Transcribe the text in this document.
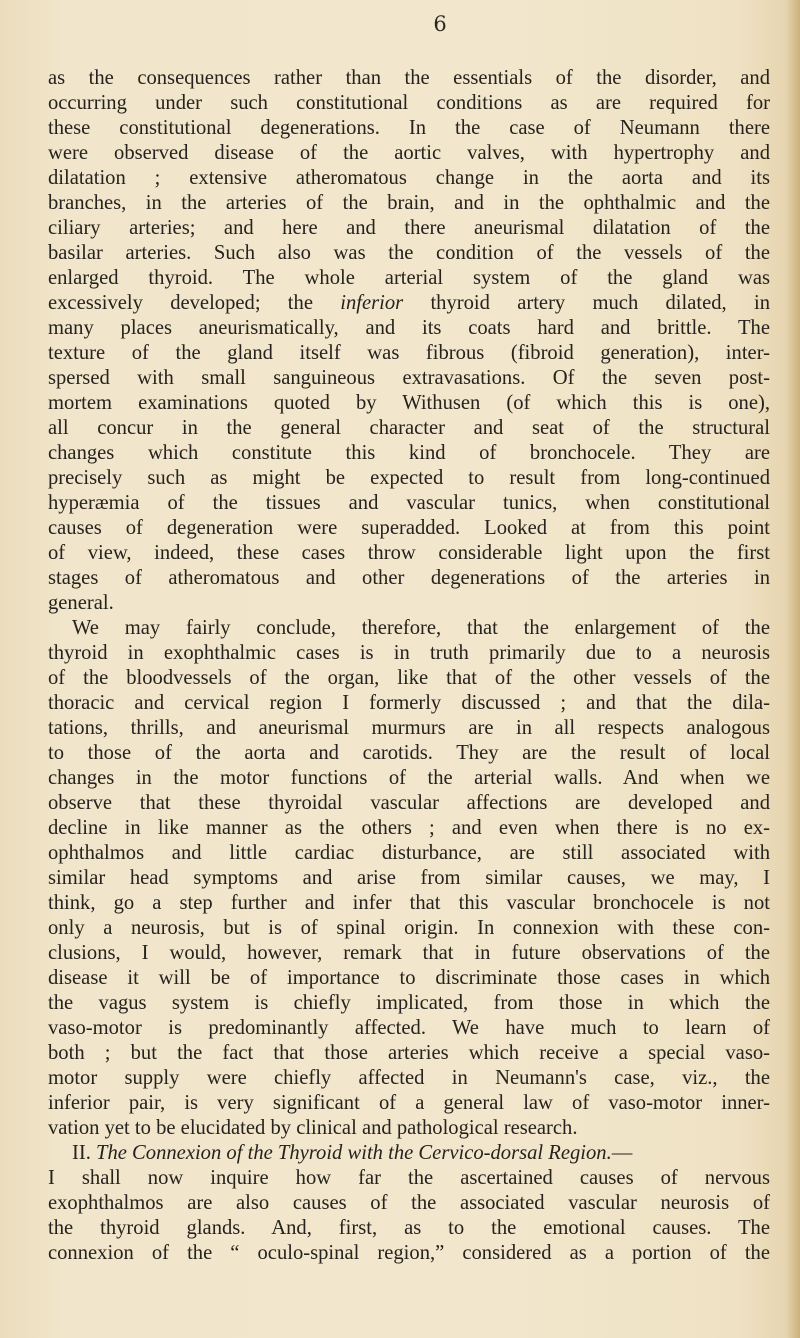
6
as the consequences rather than the essentials of the disorder, and
occurring under such constitutional conditions as are required for
these constitutional degenerations. In the case of Neumann there
were observed disease of the aortic valves, with hypertrophy and
dilatation ; extensive atheromatous change in the aorta and its
branches, in the arteries of the brain, and in the ophthalmic and the
ciliary arteries; and here and there aneurismal dilatation of the
basilar arteries. Such also was the condition of the vessels of the
enlarged thyroid. The whole arterial system of the gland was
excessively developed; the inferior thyroid artery much dilated, in
many places aneurismatically, and its coats hard and brittle. The
texture of the gland itself was fibrous (fibroid generation), inter-
spersed with small sanguineous extravasations. Of the seven post-
mortem examinations quoted by Withusen (of which this is one),
all concur in the general character and seat of the structural
changes which constitute this kind of bronchocele. They are
precisely such as might be expected to result from long-continued
hyperæmia of the tissues and vascular tunics, when constitutional
causes of degeneration were superadded. Looked at from this point
of view, indeed, these cases throw considerable light upon the first
stages of atheromatous and other degenerations of the arteries in
general.
We may fairly conclude, therefore, that the enlargement of the
thyroid in exophthalmic cases is in truth primarily due to a neurosis
of the bloodvessels of the organ, like that of the other vessels of the
thoracic and cervical region I formerly discussed ; and that the dila-
tations, thrills, and aneurismal murmurs are in all respects analogous
to those of the aorta and carotids. They are the result of local
changes in the motor functions of the arterial walls. And when we
observe that these thyroidal vascular affections are developed and
decline in like manner as the others ; and even when there is no ex-
ophthalmos and little cardiac disturbance, are still associated with
similar head symptoms and arise from similar causes, we may, I
think, go a step further and infer that this vascular bronchocele is not
only a neurosis, but is of spinal origin. In connexion with these con-
clusions, I would, however, remark that in future observations of the
disease it will be of importance to discriminate those cases in which
the vagus system is chiefly implicated, from those in which the
vaso-motor is predominantly affected. We have much to learn of
both ; but the fact that those arteries which receive a special vaso-
motor supply were chiefly affected in Neumann's case, viz., the
inferior pair, is very significant of a general law of vaso-motor inner-
vation yet to be elucidated by clinical and pathological research.
II. The Connexion of the Thyroid with the Cervico-dorsal Region.—
I shall now inquire how far the ascertained causes of nervous
exophthalmos are also causes of the associated vascular neurosis of
the thyroid glands. And, first, as to the emotional causes. The
connexion of the “ oculo-spinal region,” considered as a portion of the
